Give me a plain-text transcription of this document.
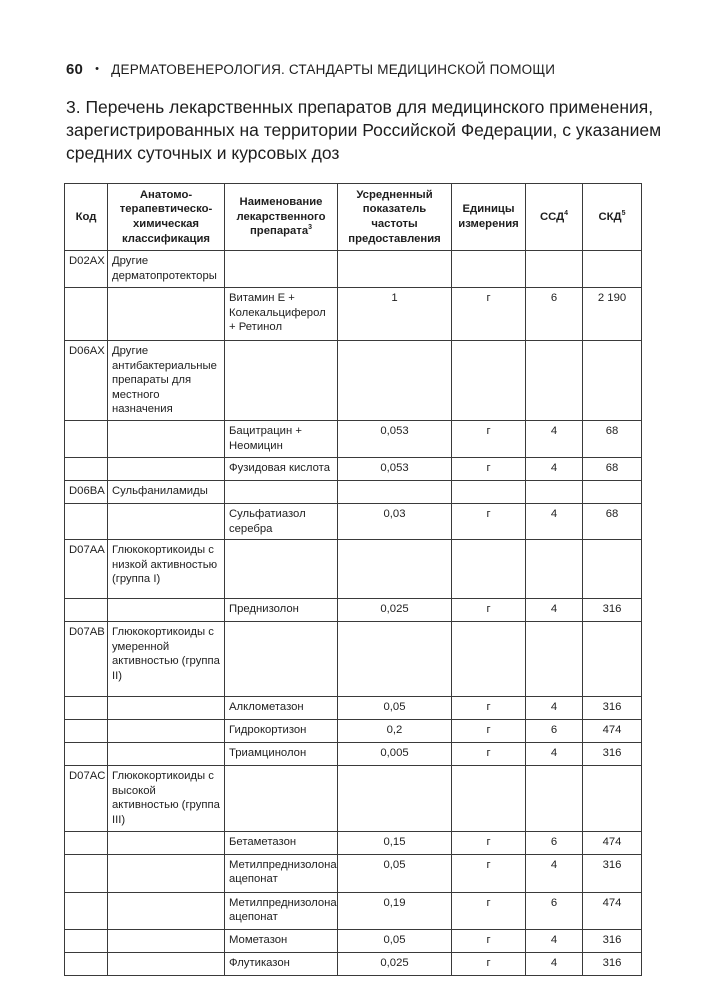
60 • ДЕРМАТОВЕНЕРОЛОГИЯ. СТАНДАРТЫ МЕДИЦИНСКОЙ ПОМОЩИ
3. Перечень лекарственных препаратов для медицинского применения,
зарегистрированных на территории Российской Федерации, с указанием
средних суточных и курсовых доз
Код	Анатомо-терапевтическо-химическая классификация	Наименование лекарственного препарата$^3$	Усредненный показатель частоты предоставления	Единицы измерения	ССД$^4$	СКД$^5$
D02AX	Другие дерматопротекторы					
		Витамин Е + Колекальциферол + Ретинол	1	г	6	2 190
D06AX	Другие антибактериальные препараты для местного назначения					
		Бацитрацин + Неомицин	0,053	г	4	68
		Фузидовая кислота	0,053	г	4	68
D06BA	Сульфаниламиды					
		Сульфатиазол серебра	0,03	г	4	68
D07AA	Глюкокортикоиды с низкой активностью (группа I)					
		Преднизолон	0,025	г	4	316
D07AB	Глюкокортикоиды с умеренной активностью (группа II)					
		Алклометазон	0,05	г	4	316
		Гидрокортизон	0,2	г	6	474
		Триамцинолон	0,005	г	4	316
D07AC	Глюкокортикоиды с высокой активностью (группа III)					
		Бетаметазон	0,15	г	6	474
		Метилпреднизолона ацепонат	0,05	г	4	316
		Метилпреднизолона ацепонат	0,19	г	6	474
		Мометазон	0,05	г	4	316
		Флутиказон	0,025	г	4	316
